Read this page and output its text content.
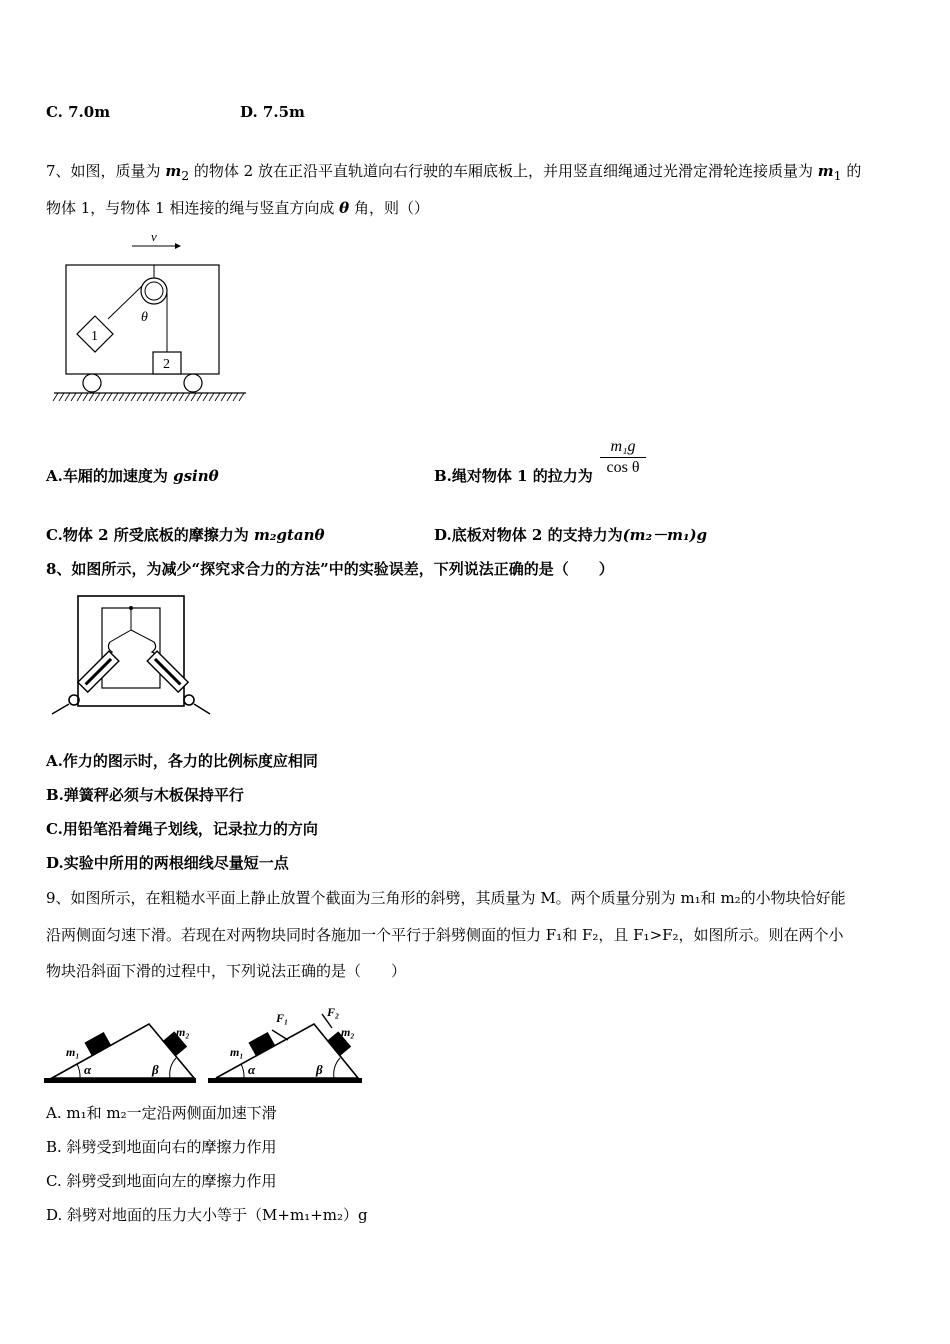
C. 7.0m	D. 7.5m
7、如图，质量为 $m_2$ 的物体 2 放在正沿平直轨道向右行驶的车厢底板上，并用竖直细绳通过光滑定滑轮连接质量为 $m_1$ 的
物体 1，与物体 1 相连接的绳与竖直方向成 θ 角，则（）
v
θ
1
2
A.车厢的加速度为 gsinθ	B.绳对物体 1 的拉力为 $\frac{\text{m₁g}}{\text{cos θ}}$
C.物体 2 所受底板的摩擦力为 m₂gtanθ	D.底板对物体 2 的支持力为(m₂－m₁)g
8、如图所示，为减少“探究求合力的方法”中的实验误差，下列说法正确的是（　　）
A.作力的图示时，各力的比例标度应相同
B.弹簧秤必须与木板保持平行
C.用铅笔沿着绳子划线，记录拉力的方向
D.实验中所用的两根细线尽量短一点
9、如图所示，在粗糙水平面上静止放置个截面为三角形的斜劈，其质量为 M。两个质量分别为 m₁和 m₂的小物块恰好能
沿两侧面匀速下滑。若现在对两物块同时各施加一个平行于斜劈侧面的恒力 F₁和 F₂，且 F₁>F₂，如图所示。则在两个小
物块沿斜面下滑的过程中，下列说法正确的是（　　）
m₁
m₂
α	β
F₁	F₂
m₁
m₂
α	β
A. m₁和 m₂一定沿两侧面加速下滑
B. 斜劈受到地面向右的摩擦力作用
C. 斜劈受到地面向左的摩擦力作用
D. 斜劈对地面的压力大小等于（M+m₁+m₂）g
